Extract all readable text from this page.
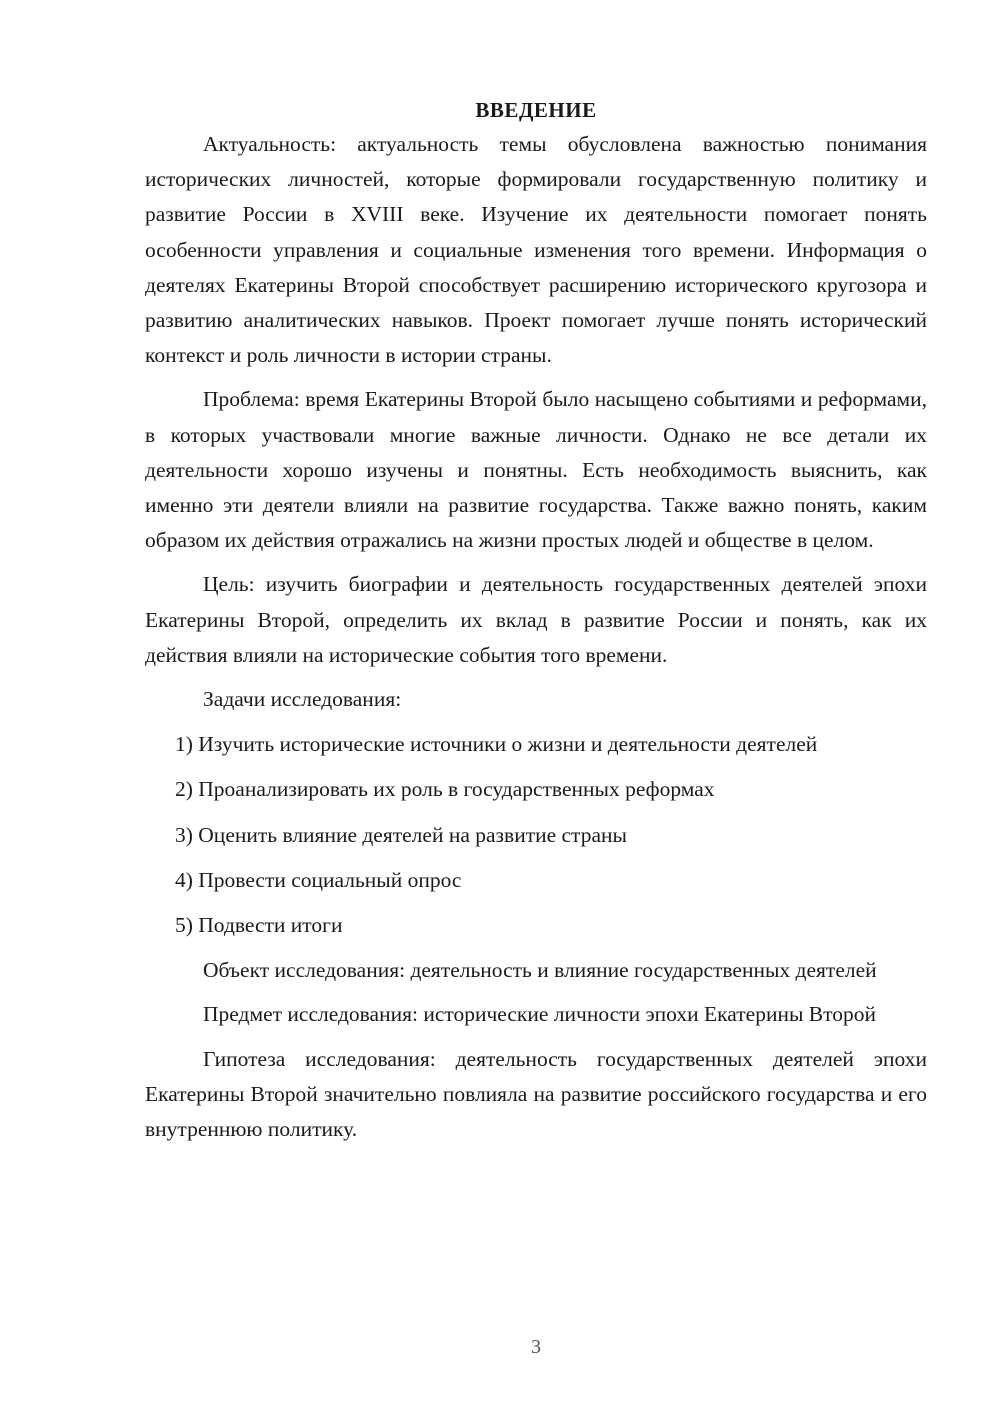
ВВЕДЕНИЕ

Актуальность: актуальность темы обусловлена важностью понимания исторических личностей, которые формировали государственную политику и развитие России в XVIII веке. Изучение их деятельности помогает понять особенности управления и социальные изменения того времени. Информация о деятелях Екатерины Второй способствует расширению исторического кругозора и развитию аналитических навыков. Проект помогает лучше понять исторический контекст и роль личности в истории страны.

Проблема: время Екатерины Второй было насыщено событиями и реформами, в которых участвовали многие важные личности. Однако не все детали их деятельности хорошо изучены и понятны. Есть необходимость выяснить, как именно эти деятели влияли на развитие государства. Также важно понять, каким образом их действия отражались на жизни простых людей и обществе в целом.

Цель: изучить биографии и деятельность государственных деятелей эпохи Екатерины Второй, определить их вклад в развитие России и понять, как их действия влияли на исторические события того времени.

Задачи исследования:

1) Изучить исторические источники о жизни и деятельности деятелей

2) Проанализировать их роль в государственных реформах

3) Оценить влияние деятелей на развитие страны

4) Провести социальный опрос

5) Подвести итоги

Объект исследования: деятельность и влияние государственных деятелей

Предмет исследования: исторические личности эпохи Екатерины Второй

Гипотеза исследования: деятельность государственных деятелей эпохи Екатерины Второй значительно повлияла на развитие российского государства и его внутреннюю политику.

3
